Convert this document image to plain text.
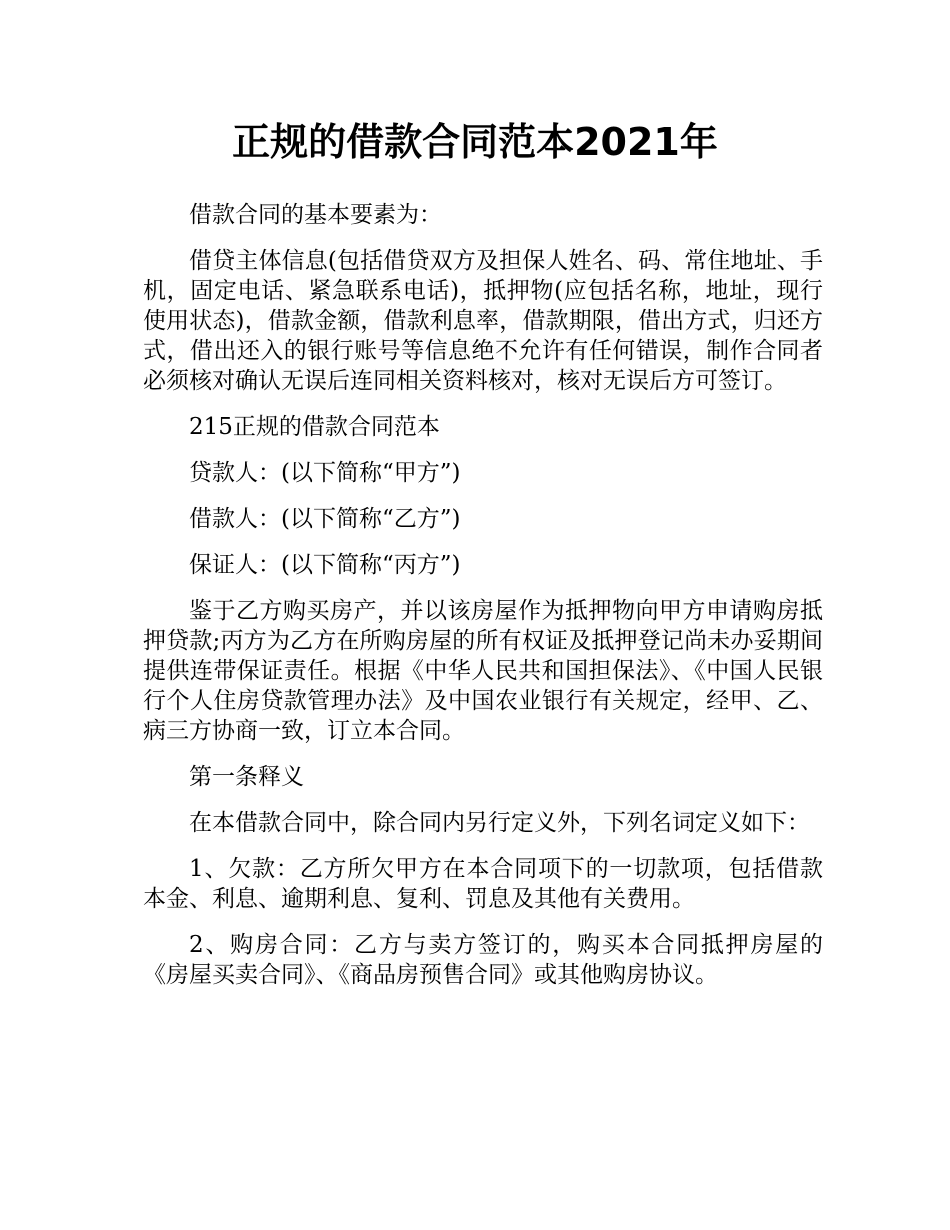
正规的借款合同范本2021年

借款合同的基本要素为：

借贷主体信息(包括借贷双方及担保人姓名、码、常住地址、手机，固定电话、紧急联系电话)，抵押物(应包括名称，地址，现行使用状态)，借款金额，借款利息率，借款期限，借出方式，归还方式，借出还入的银行账号等信息绝不允许有任何错误，制作合同者必须核对确认无误后连同相关资料核对，核对无误后方可签订。

215正规的借款合同范本

贷款人：(以下简称“甲方”)

借款人：(以下简称“乙方”)

保证人：(以下简称“丙方”)

鉴于乙方购买房产，并以该房屋作为抵押物向甲方申请购房抵押贷款;丙方为乙方在所购房屋的所有权证及抵押登记尚未办妥期间提供连带保证责任。根据《中华人民共和国担保法》、《中国人民银行个人住房贷款管理办法》及中国农业银行有关规定，经甲、乙、病三方协商一致，订立本合同。

第一条释义

在本借款合同中，除合同内另行定义外，下列名词定义如下：

1、欠款：乙方所欠甲方在本合同项下的一切款项，包括借款本金、利息、逾期利息、复利、罚息及其他有关费用。

2、购房合同：乙方与卖方签订的，购买本合同抵押房屋的《房屋买卖合同》、《商品房预售合同》或其他购房协议。
